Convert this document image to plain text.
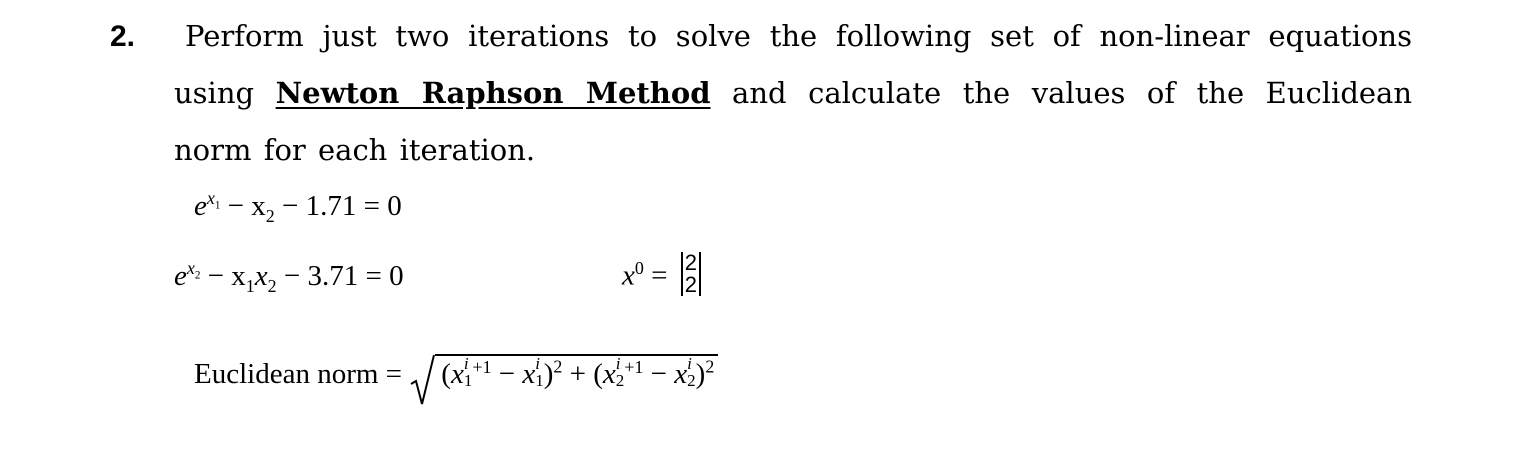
2. Perform just two iterations to solve the following set of non-linear equations
using Newton Raphson Method and calculate the values of the Euclidean
norm for each iteration.
$e^{x_1} - x_2 - 1.71 = 0$
$e^{x_2} - x_1x_2 - 3.71 = 0$	$x^0 = 2$
2
Euclidean norm =
(x i
1
$^{+1}$ − x i
1 )$^2$ + (x i
2
$^{+1}$ − x i
2 )$^2$
